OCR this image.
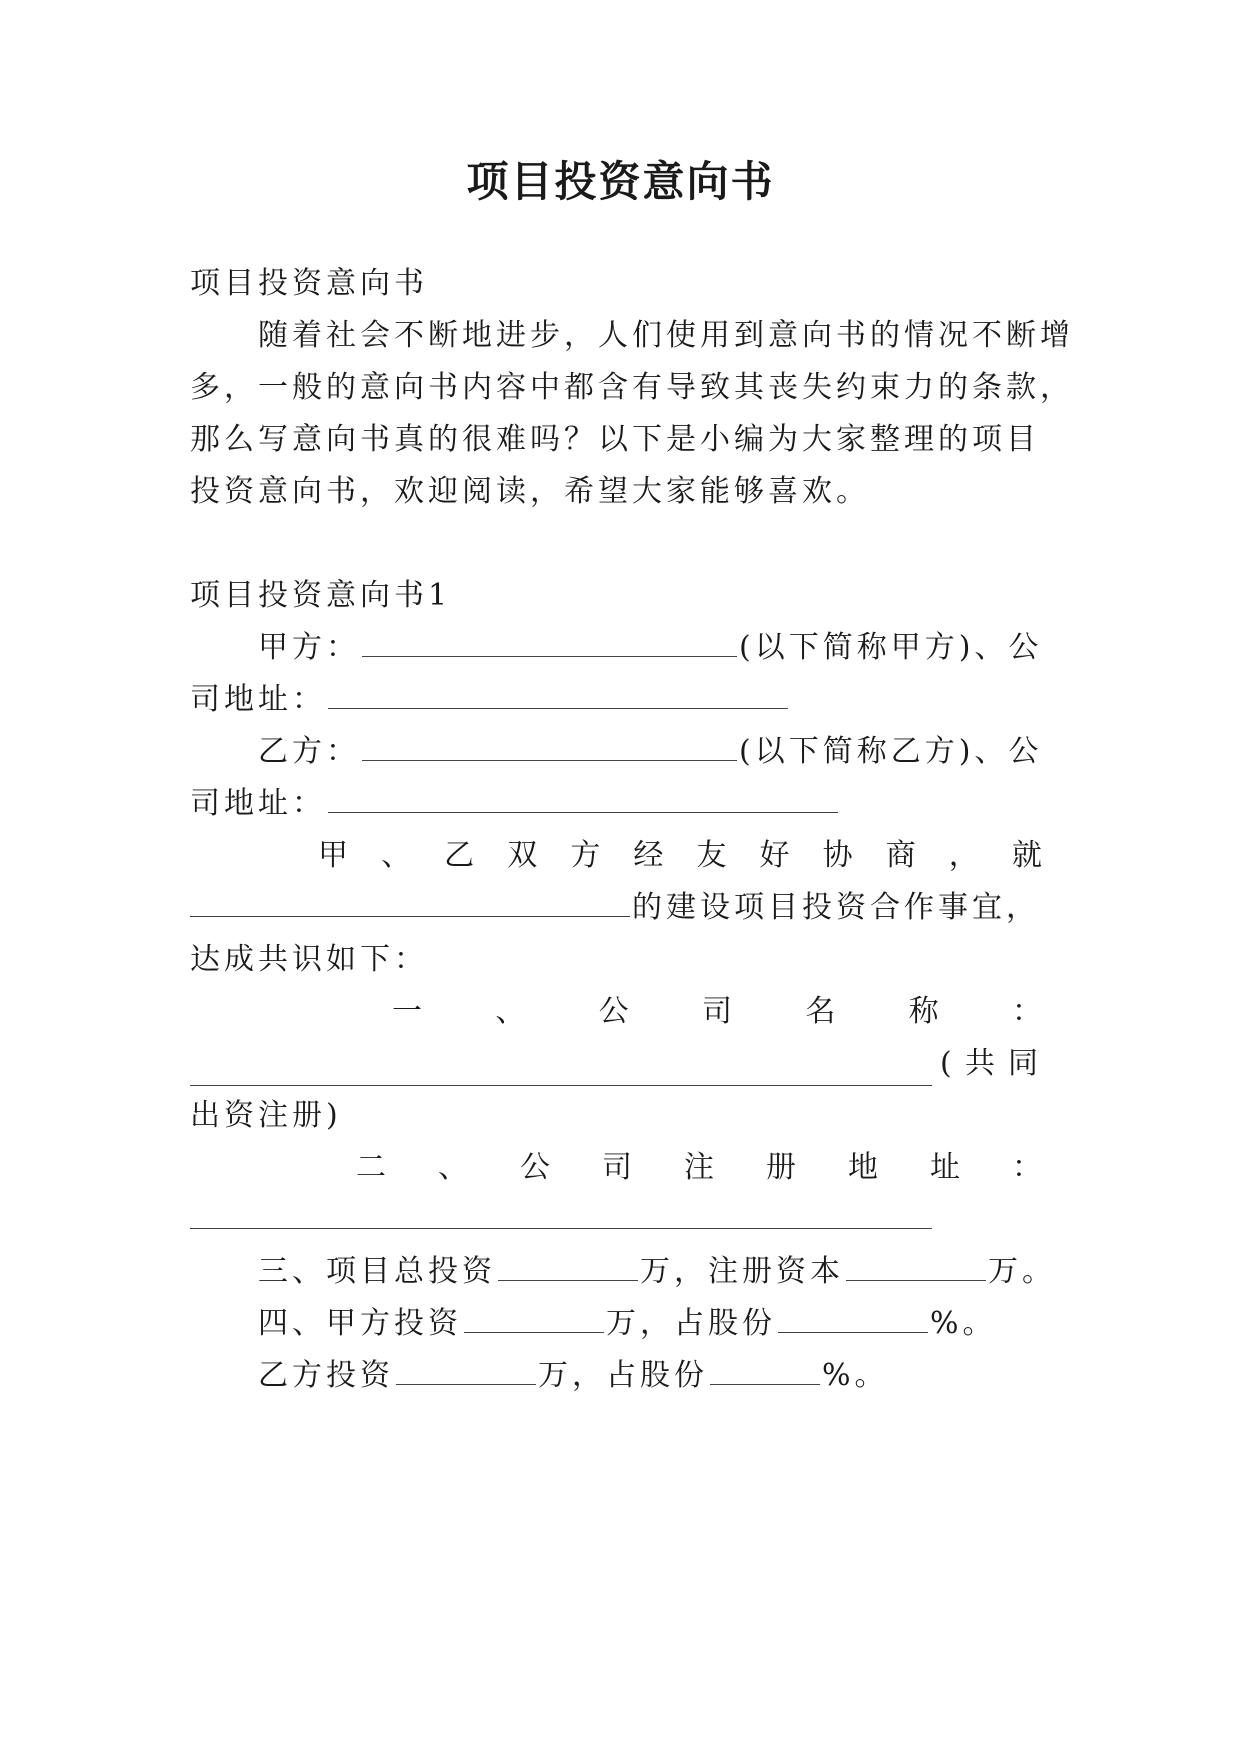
项目投资意向书
项目投资意向书
随着社会不断地进步，人们使用到意向书的情况不断增
多，一般的意向书内容中都含有导致其丧失约束力的条款，
那么写意向书真的很难吗？以下是小编为大家整理的项目
投资意向书，欢迎阅读，希望大家能够喜欢。
项目投资意向书1
甲方：	(以下简称甲方)、公
司地址：
乙方：	(以下简称乙方)、公
司地址：
甲 、 乙 双 方 经 友 好 协 商 ， 就
的建设项目投资合作事宜，
达成共识如下：
一 、 公 司 名 称 ：
( 共 同
出资注册)
二 、 公 司 注 册 地 址 ：
三、项目总投资	万，注册资本	万。
四、甲方投资	万，占股份	%。
乙方投资	万，占股份	%。
